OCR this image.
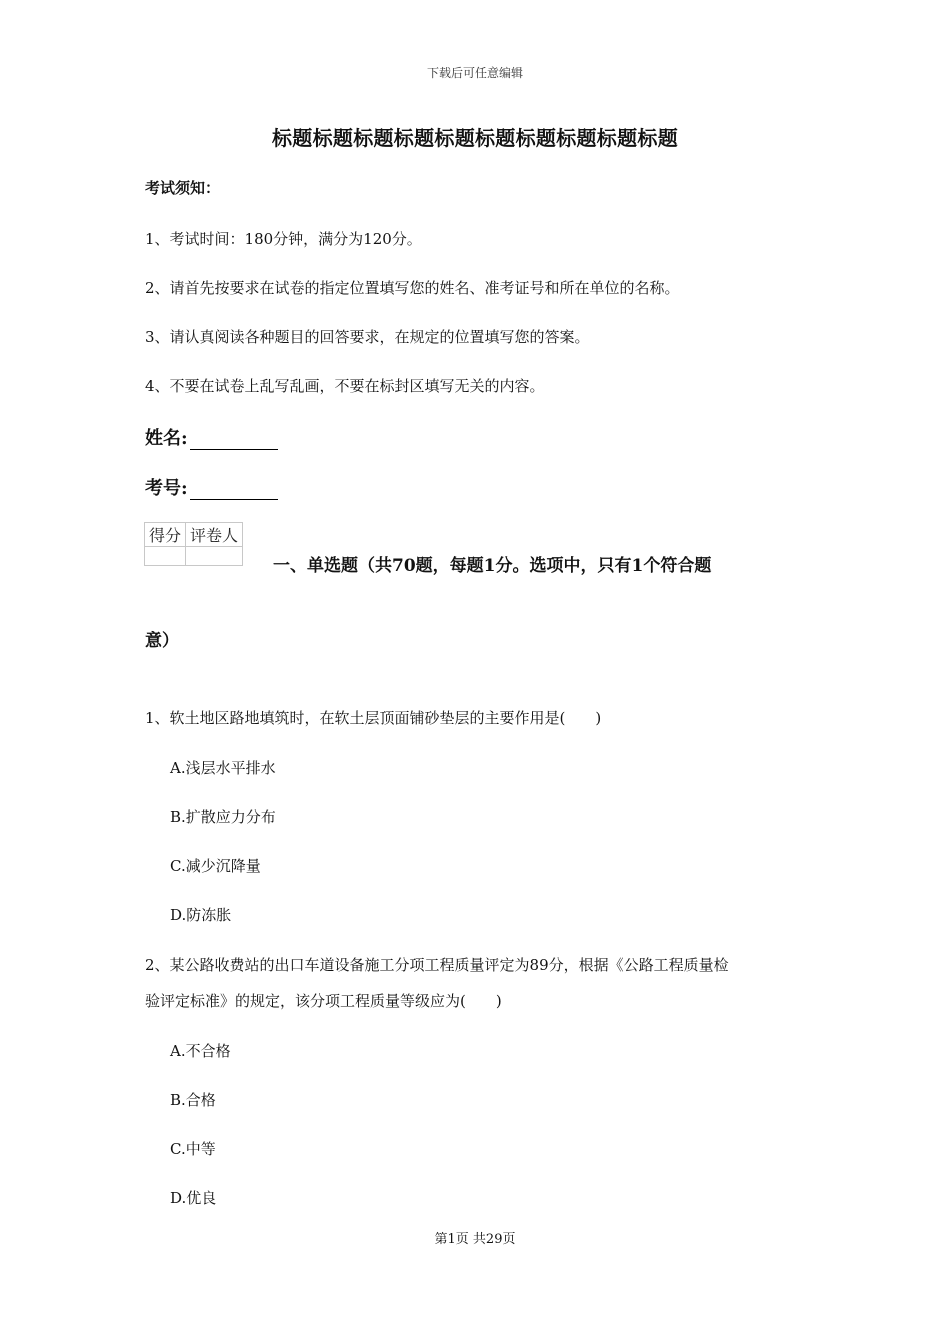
下载后可任意编辑
标题标题标题标题标题标题标题标题标题标题
考试须知：
1、考试时间：180分钟，满分为120分。
2、请首先按要求在试卷的指定位置填写您的姓名、准考证号和所在单位的名称。
3、请认真阅读各种题目的回答要求，在规定的位置填写您的答案。
4、不要在试卷上乱写乱画，不要在标封区填写无关的内容。
姓名:
考号:
得分	评卷人

一、单选题（共70题，每题1分。选项中，只有1个符合题
意）
1、软土地区路地填筑时，在软土层顶面铺砂垫层的主要作用是(　　)
A.浅层水平排水
B.扩散应力分布
C.减少沉降量
D.防冻胀
2、某公路收费站的出口车道设备施工分项工程质量评定为89分，根据《公路工程质量检
验评定标准》的规定，该分项工程质量等级应为(　　)
A.不合格
B.合格
C.中等
D.优良
第1页 共29页
